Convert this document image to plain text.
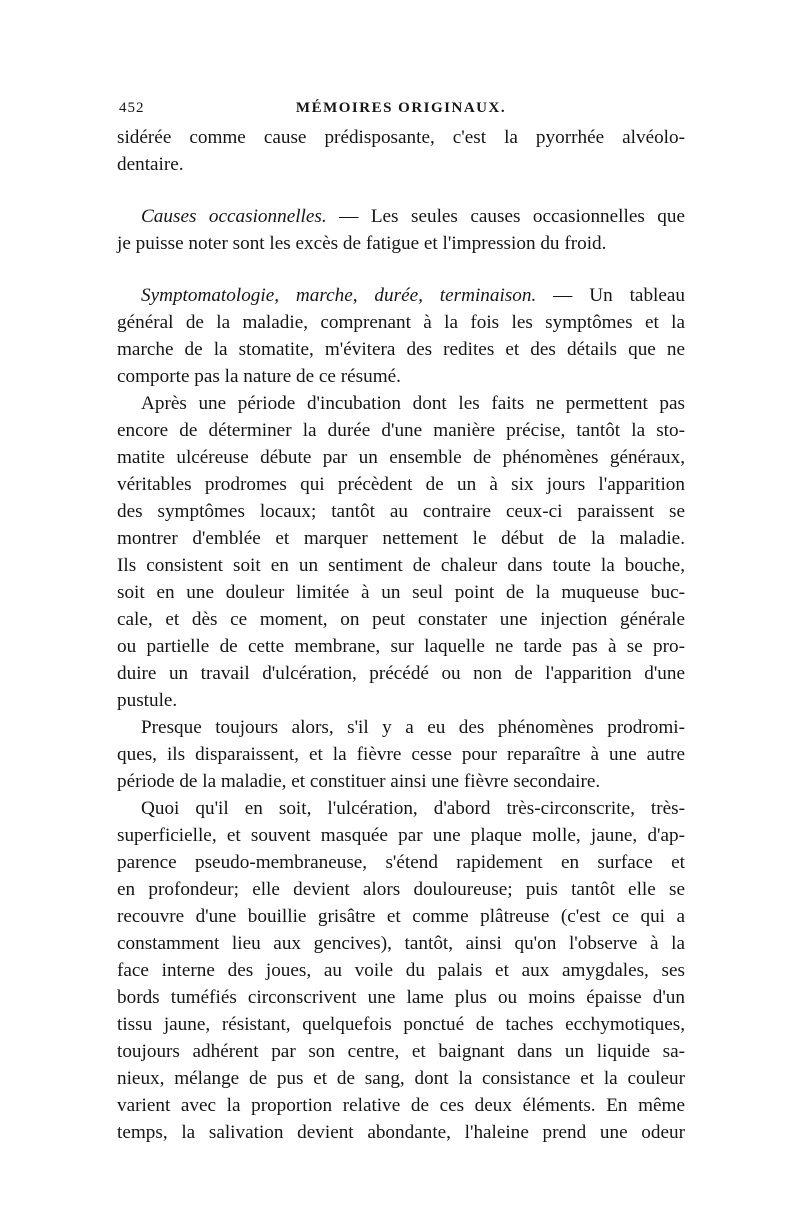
452	MÉMOIRES ORIGINAUX.
sidérée comme cause prédisposante, c'est la pyorrhée alvéolo-
dentaire.
Causes occasionnelles. — Les seules causes occasionnelles que
je puisse noter sont les excès de fatigue et l'impression du froid.
Symptomatologie, marche, durée, terminaison. — Un tableau
général de la maladie, comprenant à la fois les symptômes et la
marche de la stomatite, m'évitera des redites et des détails que ne
comporte pas la nature de ce résumé.
Après une période d'incubation dont les faits ne permettent pas
encore de déterminer la durée d'une manière précise, tantôt la sto-
matite ulcéreuse débute par un ensemble de phénomènes généraux,
véritables prodromes qui précèdent de un à six jours l'apparition
des symptômes locaux; tantôt au contraire ceux-ci paraissent se
montrer d'emblée et marquer nettement le début de la maladie.
Ils consistent soit en un sentiment de chaleur dans toute la bouche,
soit en une douleur limitée à un seul point de la muqueuse buc-
cale, et dès ce moment, on peut constater une injection générale
ou partielle de cette membrane, sur laquelle ne tarde pas à se pro-
duire un travail d'ulcération, précédé ou non de l'apparition d'une
pustule.
Presque toujours alors, s'il y a eu des phénomènes prodromi-
ques, ils disparaissent, et la fièvre cesse pour reparaître à une autre
période de la maladie, et constituer ainsi une fièvre secondaire.
Quoi qu'il en soit, l'ulcération, d'abord très-circonscrite, très-
superficielle, et souvent masquée par une plaque molle, jaune, d'ap-
parence pseudo-membraneuse, s'étend rapidement en surface et
en profondeur; elle devient alors douloureuse; puis tantôt elle se
recouvre d'une bouillie grisâtre et comme plâtreuse (c'est ce qui a
constamment lieu aux gencives), tantôt, ainsi qu'on l'observe à la
face interne des joues, au voile du palais et aux amygdales, ses
bords tuméfiés circonscrivent une lame plus ou moins épaisse d'un
tissu jaune, résistant, quelquefois ponctué de taches ecchymotiques,
toujours adhérent par son centre, et baignant dans un liquide sa-
nieux, mélange de pus et de sang, dont la consistance et la couleur
varient avec la proportion relative de ces deux éléments. En même
temps, la salivation devient abondante, l'haleine prend une odeur
